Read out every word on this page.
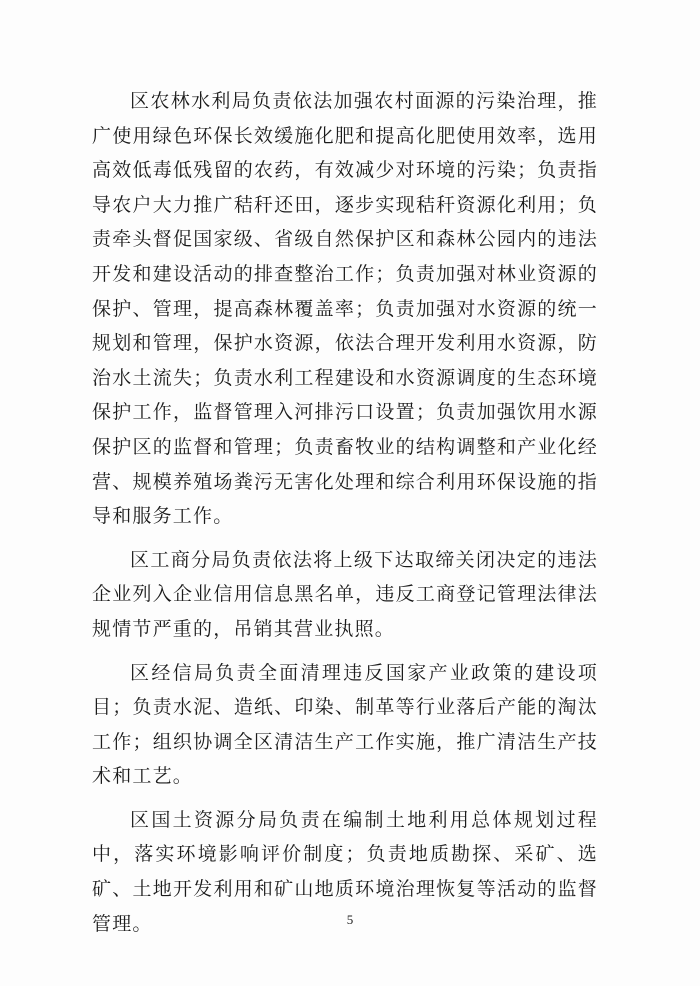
区农林水利局负责依法加强农村面源的污染治理，推广使用绿色环保长效缓施化肥和提高化肥使用效率，选用高效低毒低残留的农药，有效减少对环境的污染；负责指导农户大力推广秸秆还田，逐步实现秸秆资源化利用；负责牵头督促国家级、省级自然保护区和森林公园内的违法开发和建设活动的排查整治工作；负责加强对林业资源的保护、管理，提高森林覆盖率；负责加强对水资源的统一规划和管理，保护水资源，依法合理开发利用水资源，防治水土流失；负责水利工程建设和水资源调度的生态环境保护工作，监督管理入河排污口设置；负责加强饮用水源保护区的监督和管理；负责畜牧业的结构调整和产业化经营、规模养殖场粪污无害化处理和综合利用环保设施的指导和服务工作。

区工商分局负责依法将上级下达取缔关闭决定的违法企业列入企业信用信息黑名单，违反工商登记管理法律法规情节严重的，吊销其营业执照。

区经信局负责全面清理违反国家产业政策的建设项目；负责水泥、造纸、印染、制革等行业落后产能的淘汰工作；组织协调全区清洁生产工作实施，推广清洁生产技术和工艺。

区国土资源分局负责在编制土地利用总体规划过程中，落实环境影响评价制度；负责地质勘探、采矿、选矿、土地开发利用和矿山地质环境治理恢复等活动的监督管理。	5
